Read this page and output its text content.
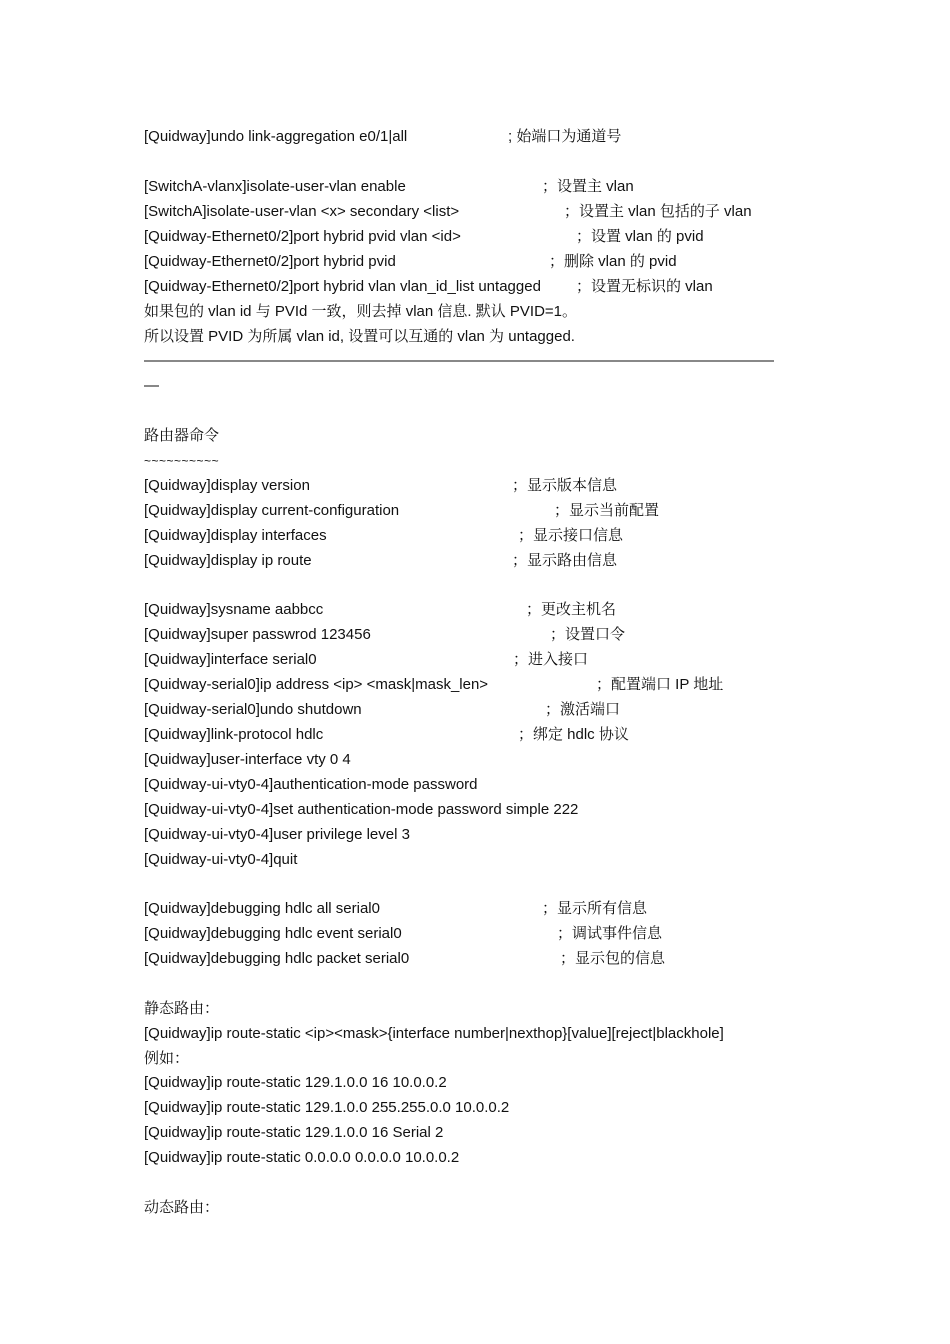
[Quidway]undo link-aggregation e0/1|all	; 始端口为通道号
[SwitchA-vlanx]isolate-user-vlan enable	；设置主 vlan
[SwitchA]isolate-user-vlan <x> secondary <list>	；设置主 vlan 包括的子 vlan
[Quidway-Ethernet0/2]port hybrid pvid vlan <id>	；设置 vlan 的 pvid
[Quidway-Ethernet0/2]port hybrid pvid	；删除 vlan 的 pvid
[Quidway-Ethernet0/2]port hybrid vlan vlan_id_list untagged ；设置无标识的 vlan
如果包的 vlan id 与 PVId 一致，则去掉 vlan 信息. 默认 PVID=1。
所以设置 PVID 为所属 vlan id, 设置可以互通的 vlan 为 untagged.
——————————————————————————————————————————
—
路由器命令
~~~~~~~~~~
[Quidway]display version	；显示版本信息
[Quidway]display current-configuration	；显示当前配置
[Quidway]display interfaces	；显示接口信息
[Quidway]display ip route	；显示路由信息
[Quidway]sysname aabbcc	；更改主机名
[Quidway]super passwrod 123456	；设置口令
[Quidway]interface serial0	；进入接口
[Quidway-serial0]ip address <ip> <mask|mask_len>	；配置端口 IP 地址
[Quidway-serial0]undo shutdown	；激活端口
[Quidway]link-protocol hdlc	；绑定 hdlc 协议
[Quidway]user-interface vty 0 4
[Quidway-ui-vty0-4]authentication-mode password
[Quidway-ui-vty0-4]set authentication-mode password simple 222
[Quidway-ui-vty0-4]user privilege level 3
[Quidway-ui-vty0-4]quit
[Quidway]debugging hdlc all serial0	；显示所有信息
[Quidway]debugging hdlc event serial0	；调试事件信息
[Quidway]debugging hdlc packet serial0	；显示包的信息
静态路由：
[Quidway]ip route-static <ip><mask>{interface number|nexthop}[value][reject|blackhole]
例如：
[Quidway]ip route-static 129.1.0.0 16 10.0.0.2
[Quidway]ip route-static 129.1.0.0 255.255.0.0 10.0.0.2
[Quidway]ip route-static 129.1.0.0 16 Serial 2
[Quidway]ip route-static 0.0.0.0 0.0.0.0 10.0.0.2
动态路由：
